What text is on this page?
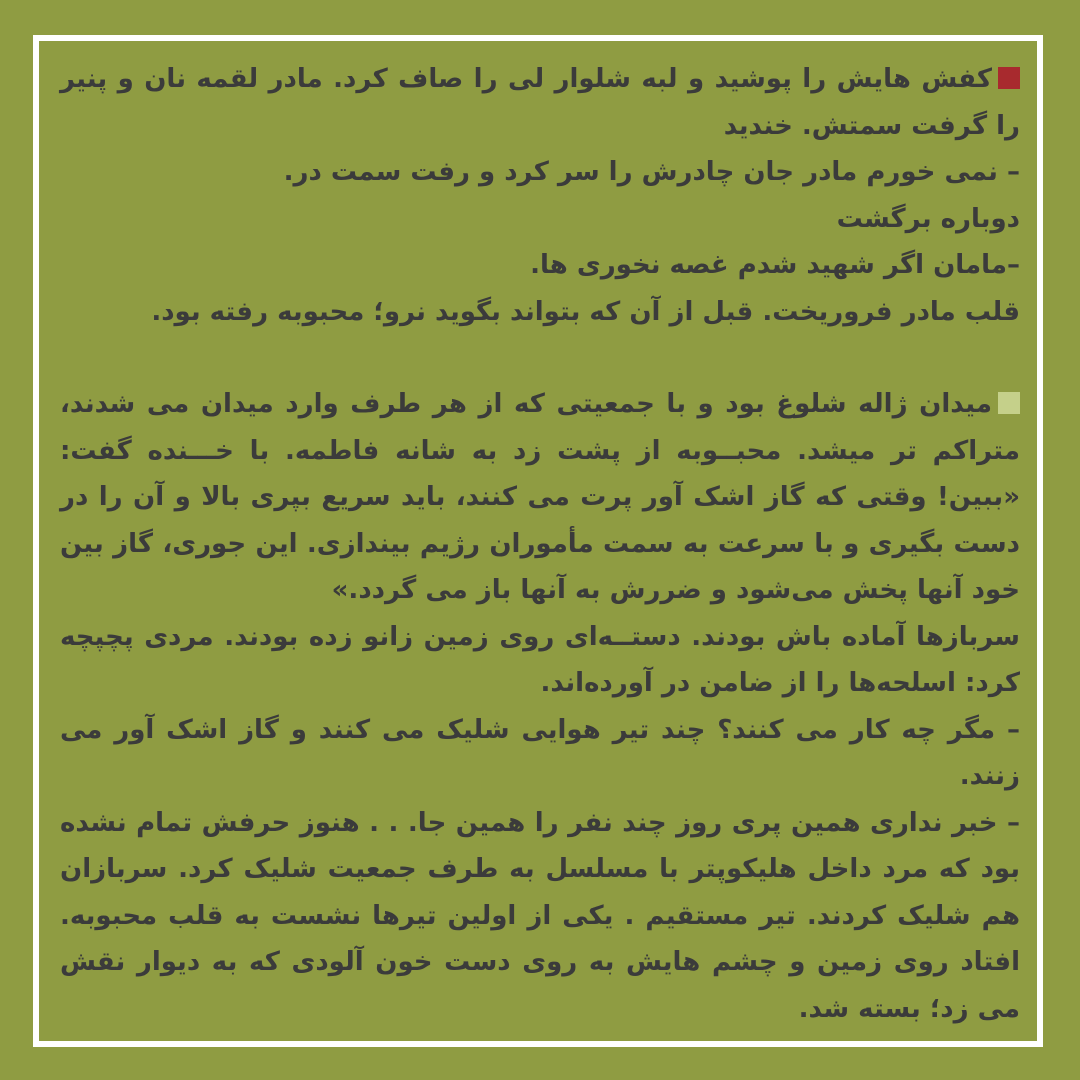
کفش هایش را پوشید و لبه شلوار لی را صاف کرد. مادر لقمه نان و پنیر را گرفت سمتش. خندید

– نمی خورم مادر جان چادرش را سر کرد و رفت سمت در.

دوباره برگشت

–مامان اگر شهید شدم غصه نخوری ها.

قلب مادر فروریخت. قبل از آن که بتواند بگوید نرو؛ محبوبه رفته بود.

میدان ژاله شلوغ بود و با جمعیتی که از هر طرف وارد میدان می شدند، متراکم تر میشد. محبــوبه از پشت زد به شانه فاطمه. با خـــنده گفت: «ببین! وقتی که گاز اشک آور پرت می کنند، باید سریع بپری بالا و آن را در دست بگیری و با سرعت به سمت مأموران رژیم بیندازی. این جوری، گاز بین خود آنها پخش می‌شود و ضررش به آنها باز می گردد.»

سربازها آماده باش بودند. دستــه‌ای روی زمین زانو زده بودند. مردی پچپچه کرد: اسلحه‌ها را از ضامن در آورده‌اند.

– مگر چه کار می کنند؟ چند تیر هوایی شلیک می کنند و گاز اشک آور می زنند.

– خبر نداری همین پری روز چند نفر را همین جا. . . هنوز حرفش تمام نشده بود که مرد داخل هلیکوپتر با مسلسل به طرف جمعیت شلیک کرد. سربازان هم شلیک کردند. تیر مستقیم . یکی از اولین تیرها نشست به قلب محبوبه. افتاد روی زمین و چشم هایش به روی دست خون آلودی که به دیوار نقش می زد؛ بسته شد.
